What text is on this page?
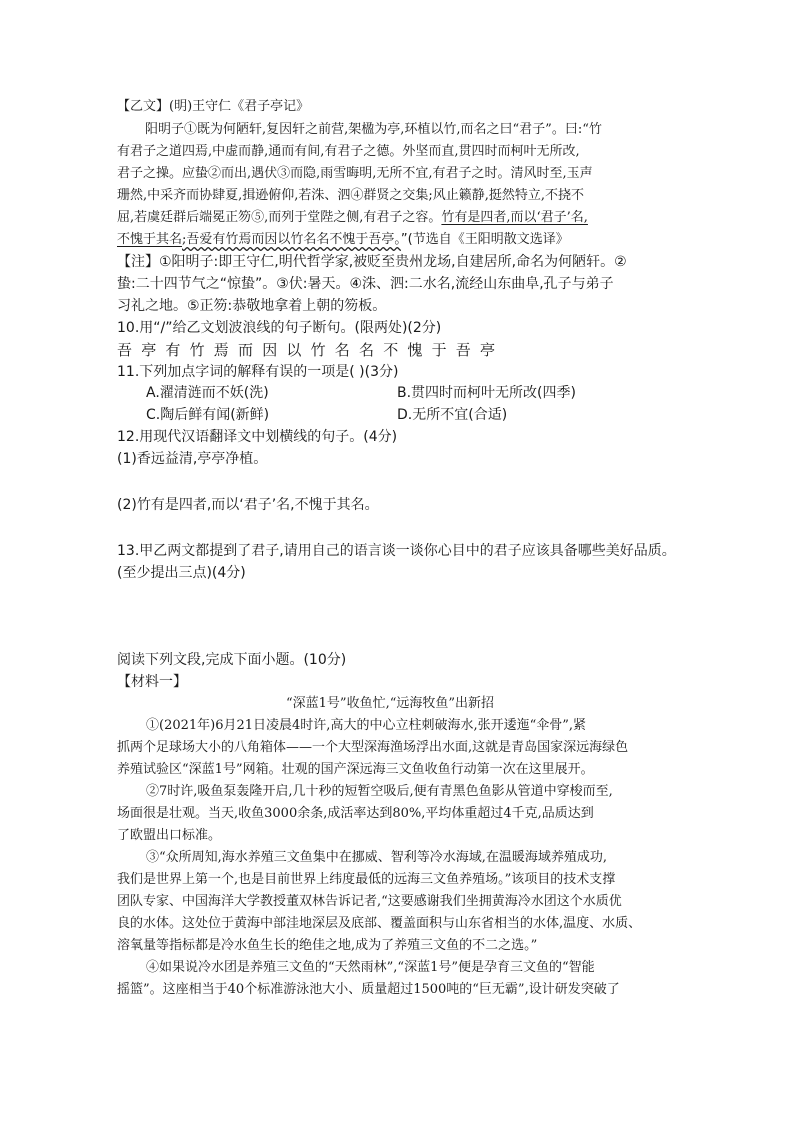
【乙文】(明)王守仁《君子亭记》
阳明子①既为何陋轩,复因轩之前营,架楹为亭,环植以竹,而名之曰“君子”。曰:“竹
有君子之道四焉,中虚而静,通而有间,有君子之德。外坚而直,贯四时而柯叶无所改,
君子之操。应蛰②而出,遇伏③而隐,雨雪晦明,无所不宜,有君子之时。清风时至,玉声
珊然,中采齐而协肆夏,揖逊俯仰,若洙、泗④群贤之交集;风止籁静,挺然特立,不挠不
屈,若虞廷群后端冕正笏⑤,而列于堂陛之侧,有君子之容。竹有是四者,而以‘君子’名,
不愧于其名;吾爱有竹焉而因以竹名名不愧于吾亭。”(节选自《王阳明散文选译》
【注】①阳明子:即王守仁,明代哲学家,被贬至贵州龙场,自建居所,命名为何陋轩。②
蛰:二十四节气之“惊蛰”。③伏:暑天。④洙、泗:二水名,流经山东曲阜,孔子与弟子
习礼之地。⑤正笏:恭敬地拿着上朝的笏板。
10.用“/”给乙文划波浪线的句子断句。(限两处)(2分)
吾亭有竹焉而因以竹名名不愧于吾亭
11.下列加点字词的解释有误的一项是( )(3分)
A.濯清涟而不妖(洗)	B.贯四时而柯叶无所改(四季)
C.陶后鲜有闻(新鲜)	D.无所不宜(合适)
12.用现代汉语翻译文中划横线的句子。(4分)
(1)香远益清,亭亭净植。
(2)竹有是四者,而以‘君子’名,不愧于其名。
13.甲乙两文都提到了君子,请用自己的语言谈一谈你心目中的君子应该具备哪些美好品质。
(至少提出三点)(4分)
阅读下列文段,完成下面小题。(10分)
【材料一】
“深蓝1号”收鱼忙,“远海牧鱼”出新招
①(2021年)6月21日凌晨4时许,高大的中心立柱刺破海水,张开逶迤“伞骨”,紧
抓两个足球场大小的八角箱体——一个大型深海渔场浮出水面,这就是青岛国家深远海绿色
养殖试验区“深蓝1号”网箱。壮观的国产深远海三文鱼收鱼行动第一次在这里展开。
②7时许,吸鱼泵轰隆开启,几十秒的短暂空吸后,便有青黑色鱼影从管道中穿梭而至,
场面很是壮观。当天,收鱼3000余条,成活率达到80%,平均体重超过4千克,品质达到
了欧盟出口标准。
③“众所周知,海水养殖三文鱼集中在挪威、智利等冷水海域,在温暖海域养殖成功,
我们是世界上第一个,也是目前世界上纬度最低的远海三文鱼养殖场。”该项目的技术支撑
团队专家、中国海洋大学教授董双林告诉记者,“这要感谢我们坐拥黄海冷水团这个水质优
良的水体。这处位于黄海中部洼地深层及底部、覆盖面积与山东省相当的水体,温度、水质、
溶氧量等指标都是冷水鱼生长的绝佳之地,成为了养殖三文鱼的不二之选。”
④如果说冷水团是养殖三文鱼的“天然雨林”,“深蓝1号”便是孕育三文鱼的“智能
摇篮”。这座相当于40个标准游泳池大小、质量超过1500吨的“巨无霸”,设计研发突破了
